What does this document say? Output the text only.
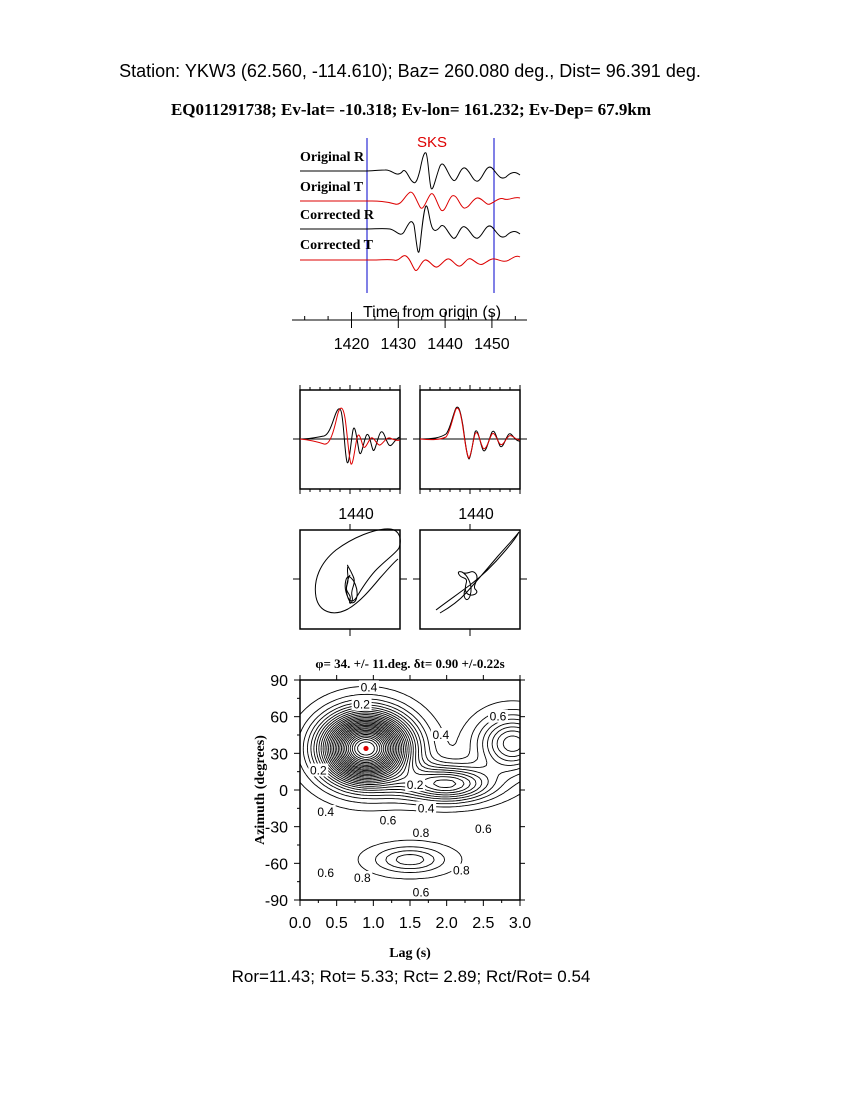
Station: YKW3 (62.560, -114.610); Baz= 260.080 deg., Dist= 96.391 deg.
EQ011291738; Ev-lat= -10.318; Ev-lon= 161.232; Ev-Dep= 67.9km
SKS
Original R
Original T
Corrected R
Corrected T
Time from origin (s)
1420 1430 1440 1450
1440	1440
φ= 34. +/- 11.deg. δt= 0.90 +/-0.22s
0.4
0.2
0.6
0.4
0.2
0.2
0.4	0.4
0.6
0.8	0.6
0.6 0.8
0.8
0.6
0.0 0.5 1.0 1.5 2.0 2.5 3.0
90
60
30
0
-30
-60
-90
Lag (s)
Azimuth (degrees)
Ror=11.43; Rot= 5.33; Rct= 2.89; Rct/Rot= 0.54
